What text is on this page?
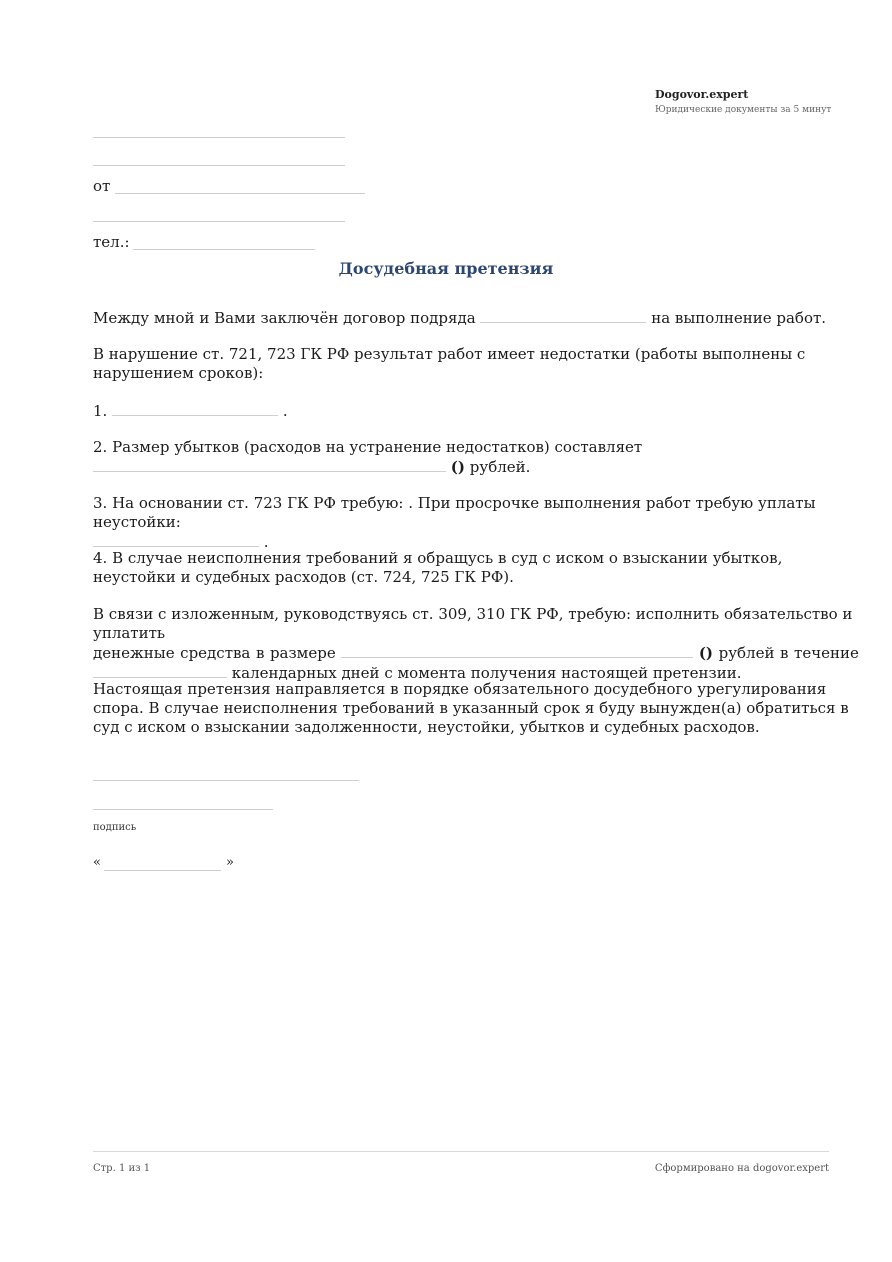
Dogovor.expert
Юридические документы за 5 минут
от
тел.:
Досудебная претензия
Между мной и Вами заключён договор подряда	на выполнение работ.
В нарушение ст. 721, 723 ГК РФ результат работ имеет недостатки (работы выполнены с нарушением сроков):
1.	.
2. Размер убытков (расходов на устранение недостатков) составляет
() рублей.
3. На основании ст. 723 ГК РФ требую: . При просрочке выполнения работ требую уплаты неустойки:
.
4. В случае неисполнения требований я обращусь в суд с иском о взыскании убытков, неустойки и судебных расходов (ст. 724, 725 ГК РФ).
В связи с изложенным, руководствуясь ст. 309, 310 ГК РФ, требую: исполнить обязательство и уплатить
денежные средства в размере	() рублей в течение
календарных дней с момента получения настоящей претензии.
Настоящая претензия направляется в порядке обязательного досудебного урегулирования спора. В случае неисполнения требований в указанный срок я буду вынужден(а) обратиться в суд с иском о взыскании задолженности, неустойки, убытков и судебных расходов.
подпись
«	»
Стр. 1 из 1	Сформировано на dogovor.expert
